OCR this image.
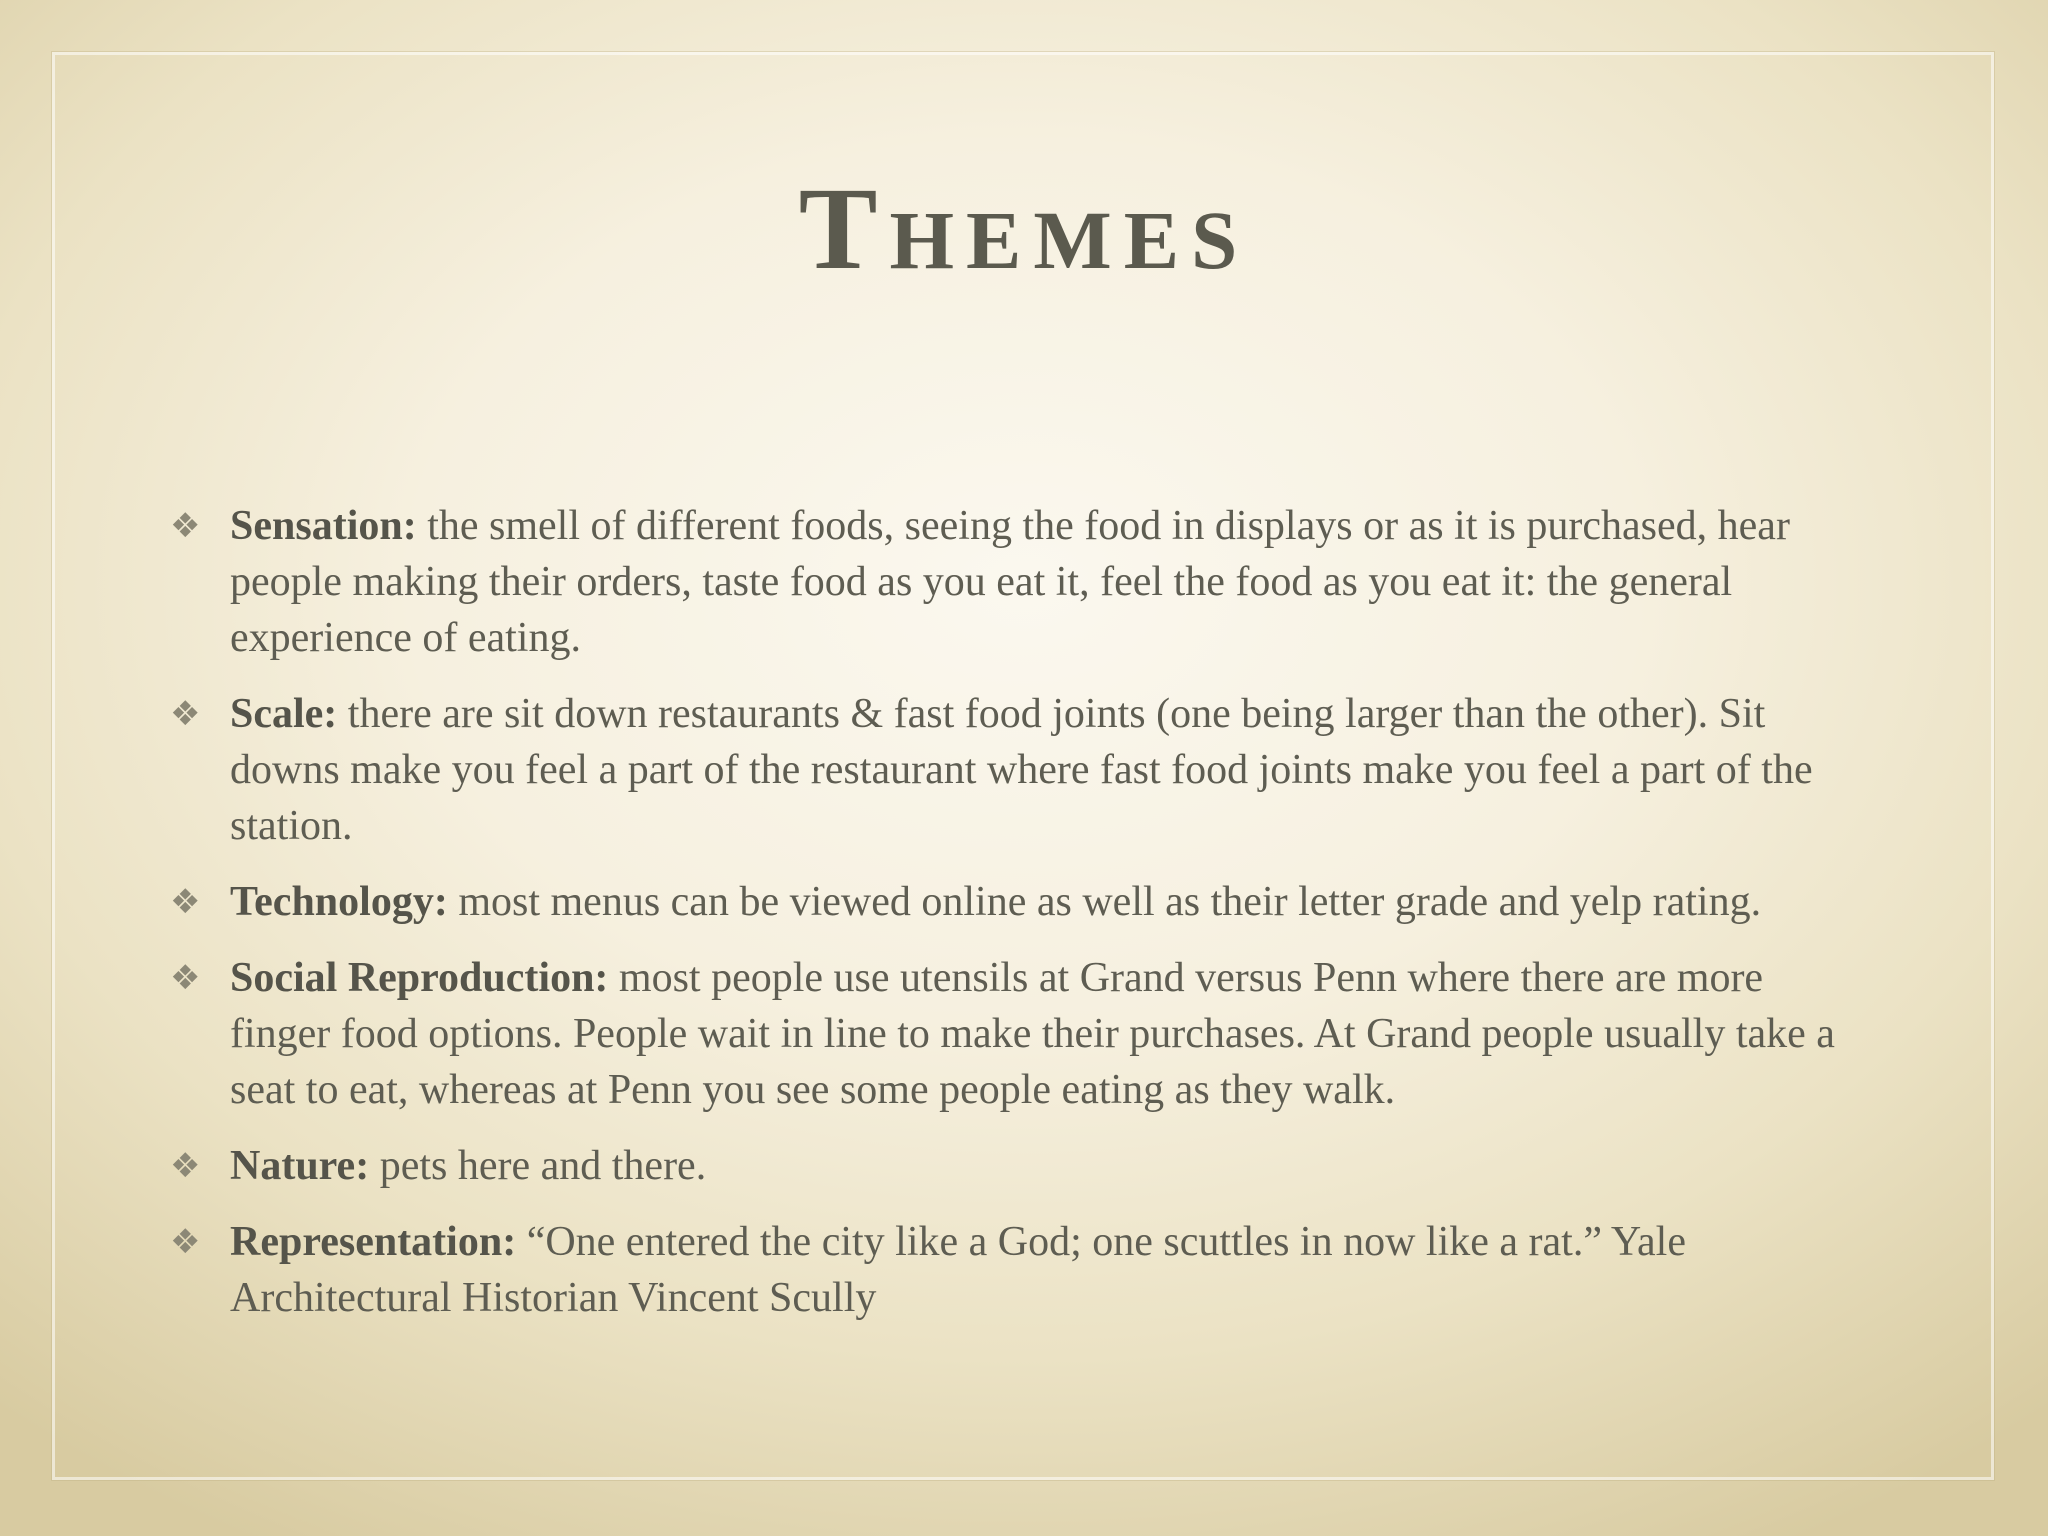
Themes
❖ Sensation: the smell of different foods, seeing the food in displays or as it is purchased, hear people making their orders, taste food as you eat it, feel the food as you eat it: the general experience of eating.
❖ Scale: there are sit down restaurants & fast food joints (one being larger than the other). Sit downs make you feel a part of the restaurant where fast food joints make you feel a part of the station.
❖ Technology: most menus can be viewed online as well as their letter grade and yelp rating.
❖ Social Reproduction: most people use utensils at Grand versus Penn where there are more finger food options. People wait in line to make their purchases. At Grand people usually take a seat to eat, whereas at Penn you see some people eating as they walk.
❖ Nature: pets here and there.
❖ Representation: “One entered the city like a God; one scuttles in now like a rat.” Yale Architectural Historian Vincent Scully
